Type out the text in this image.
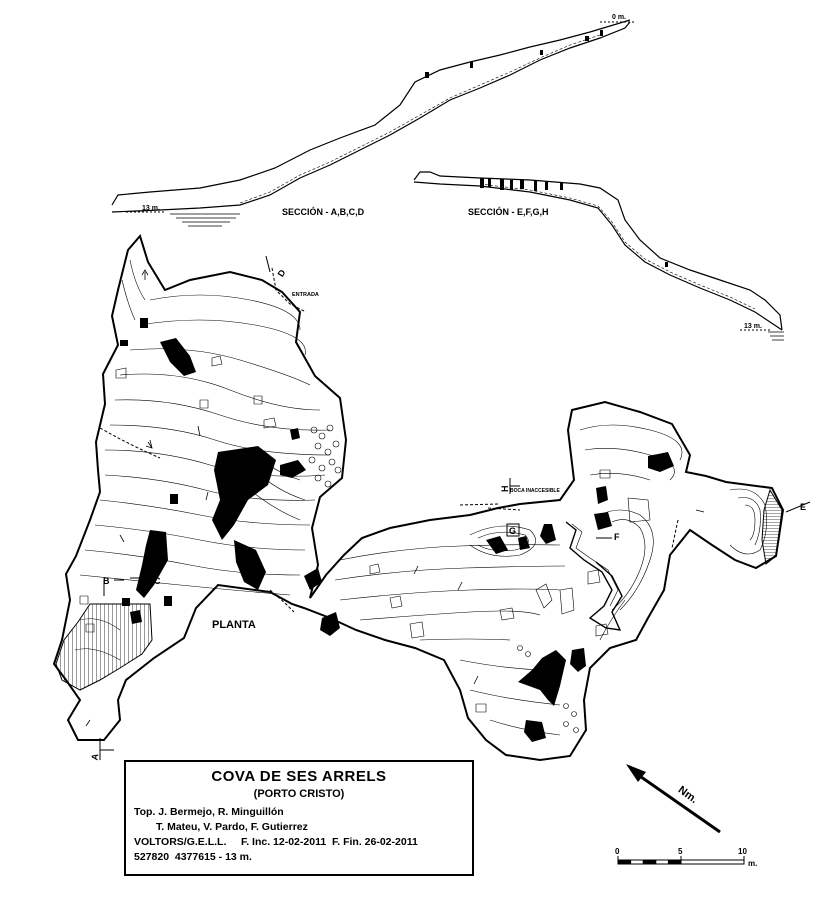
0 m.
13 m.	SECCIÓN - A,B,C,D
13 m.
SECCIÓN - E,F,G,H
A
B	C
D
E
F
G
H
ENTRADA
BOCA INACCESIBLE
PLANTA
Nm.
0	5	10
m.
COVA DE SES ARRELS
(PORTO CRISTO)
Top. J. Bermejo, R. Minguillón
T. Mateu, V. Pardo, F. Gutierrez
VOLTORS/G.E.L.L.     F. Inc. 12-02-2011  F. Fin. 26-02-2011
527820  4377615 - 13 m.
